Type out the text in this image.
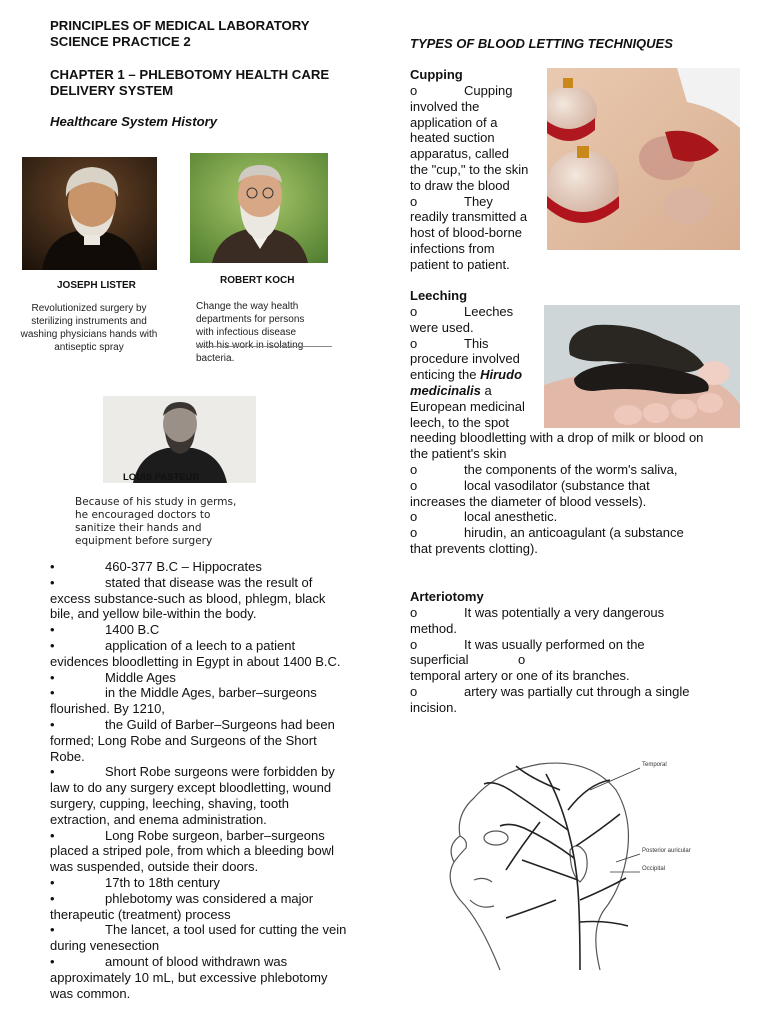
PRINCIPLES OF MEDICAL LABORATORY
SCIENCE PRACTICE 2
CHAPTER 1 – PHLEBOTOMY HEALTH CARE
DELIVERY SYSTEM
Healthcare System History
JOSEPH LISTER
Revolutionized surgery by
sterilizing instruments and
washing physicians hands with
antiseptic spray
ROBERT KOCH
Change the way health
departments for persons
with infectious disease
bacteria.
LOUIS PASTEUR
Because of his study in germs,
he encouraged doctors to
sanitize their hands and
equipment before surgery
•	460-377 B.C – Hippocrates
•	stated that disease was the result of
excess substance-such as blood, phlegm, black
bile, and yellow bile-within the body.
•	1400 B.C
•	application of a leech to a patient
evidences bloodletting in Egypt in about 1400 B.C.
•	Middle Ages
•	in the Middle Ages, barber–surgeons
flourished. By 1210,
•	the Guild of Barber–Surgeons had been
formed; Long Robe and Surgeons of the Short
Robe.
•	Short Robe surgeons were forbidden by
law to do any surgery except bloodletting, wound
surgery, cupping, leeching, shaving, tooth
extraction, and enema administration.
•	Long Robe surgeon, barber–surgeons
placed a striped pole, from which a bleeding bowl
was suspended, outside their doors.
•	17th to 18th century
•	phlebotomy was considered a major
therapeutic (treatment) process
•	The lancet, a tool used for cutting the vein
during venesection
•	amount of blood withdrawn was
approximately 10 mL, but excessive phlebotomy
was common.
TYPES OF BLOOD LETTING TECHNIQUES
Cupping
o	Cupping
involved the
application of a
heated suction
apparatus, called
the "cup," to the skin
to draw the blood
o	They
readily transmitted a
host of blood-borne
infections from
patient to patient.
Leeching
o	Leeches
were used.
o	This
procedure involved
enticing the Hirudo
medicinalis a
European medicinal
leech, to the spot
needing bloodletting with a drop of milk or blood on
the patient's skin
o	the components of the worm's saliva,
o	local vasodilator (substance that
increases the diameter of blood vessels).
o	local anesthetic.
o	hirudin, an anticoagulant (a substance
that prevents clotting).
Arteriotomy
o	It was potentially a very dangerous
method.
o	It was usually performed on the
superficial	o
temporal artery or one of its branches.
o	artery was partially cut through a single
incision.
Temporal
Posterior auricular
Occipital
